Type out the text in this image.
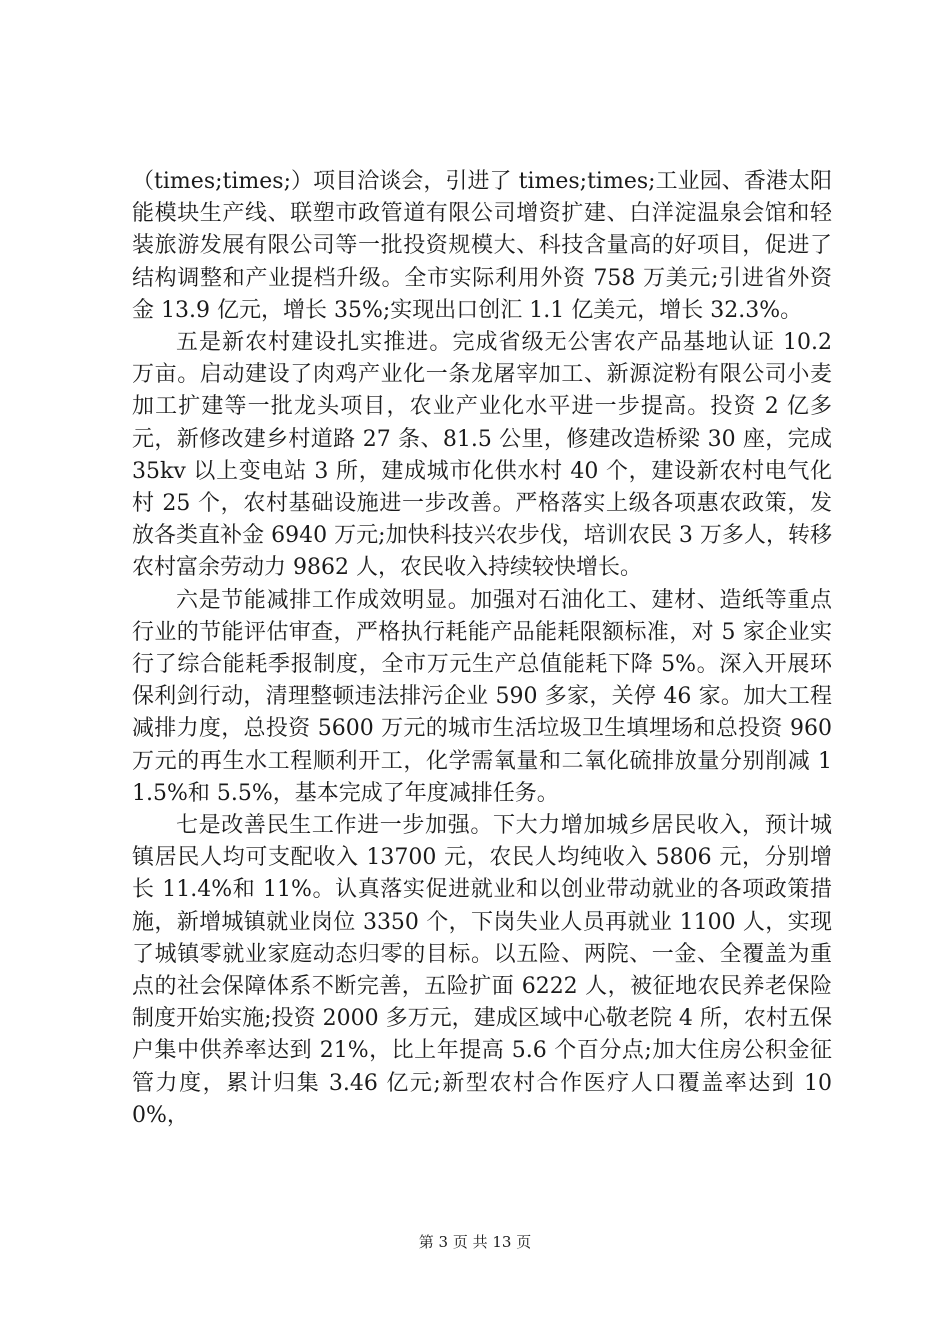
（times;times;）项目洽谈会，引进了 times;times;工业园、香港太阳能模块生产线、联塑市政管道有限公司增资扩建、白洋淀温泉会馆和轻装旅游发展有限公司等一批投资规模大、科技含量高的好项目，促进了结构调整和产业提档升级。全市实际利用外资 758 万美元;引进省外资金 13.9 亿元，增长 35%;实现出口创汇 1.1 亿美元，增长 32.3%。

五是新农村建设扎实推进。完成省级无公害农产品基地认证 10.2 万亩。启动建设了肉鸡产业化一条龙屠宰加工、新源淀粉有限公司小麦加工扩建等一批龙头项目，农业产业化水平进一步提高。投资 2 亿多元，新修改建乡村道路 27 条、81.5 公里，修建改造桥梁 30 座，完成 35kv 以上变电站 3 所，建成城市化供水村 40 个，建设新农村电气化村 25 个，农村基础设施进一步改善。严格落实上级各项惠农政策，发放各类直补金 6940 万元;加快科技兴农步伐，培训农民 3 万多人，转移农村富余劳动力 9862 人，农民收入持续较快增长。

六是节能减排工作成效明显。加强对石油化工、建材、造纸等重点行业的节能评估审查，严格执行耗能产品能耗限额标准，对 5 家企业实行了综合能耗季报制度，全市万元生产总值能耗下降 5%。深入开展环保利剑行动，清理整顿违法排污企业 590 多家，关停 46 家。加大工程减排力度，总投资 5600 万元的城市生活垃圾卫生填埋场和总投资 960 万元的再生水工程顺利开工，化学需氧量和二氧化硫排放量分别削减 11.5%和 5.5%，基本完成了年度减排任务。

七是改善民生工作进一步加强。下大力增加城乡居民收入，预计城镇居民人均可支配收入 13700 元，农民人均纯收入 5806 元，分别增长 11.4%和 11%。认真落实促进就业和以创业带动就业的各项政策措施，新增城镇就业岗位 3350 个，下岗失业人员再就业 1100 人，实现了城镇零就业家庭动态归零的目标。以五险、两院、一金、全覆盖为重点的社会保障体系不断完善，五险扩面 6222 人，被征地农民养老保险制度开始实施;投资 2000 多万元，建成区域中心敬老院 4 所，农村五保户集中供养率达到 21%，比上年提高 5.6 个百分点;加大住房公积金征管力度，累计归集 3.46 亿元;新型农村合作医疗人口覆盖率达到 100%，

第 3 页 共 13 页
